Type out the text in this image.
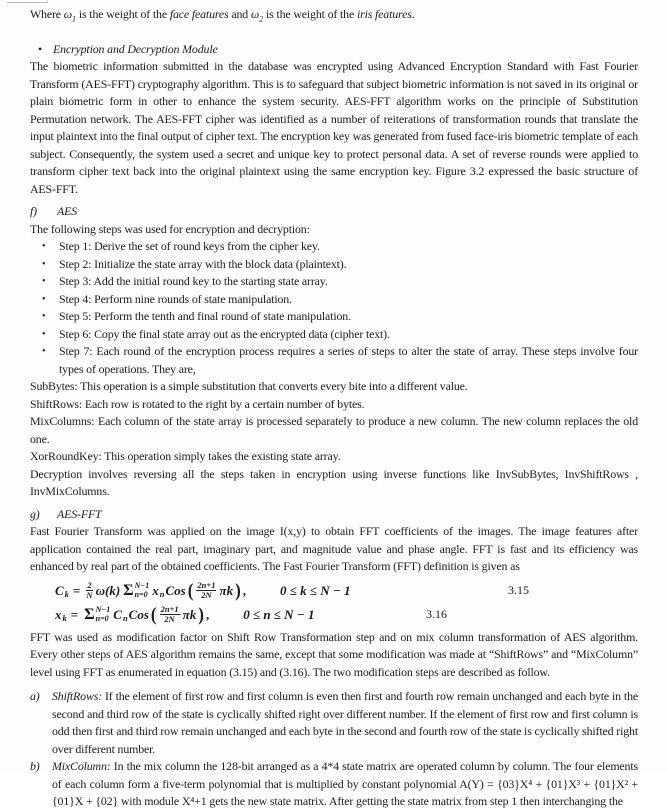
Where $\omega_1$ is the weight of the face features and $\omega_2$ is the weight of the iris features.

• Encryption and Decryption Module

The biometric information submitted in the database was encrypted using Advanced Encryption Standard with Fast Fourier Transform (AES-FFT) cryptography algorithm. This is to safeguard that subject biometric information is not saved in its original or plain biometric form in other to enhance the system security. AES-FFT algorithm works on the principle of Substitution Permutation network. The AES-FFT cipher was identified as a number of reiterations of transformation rounds that translate the input plaintext into the final output of cipher text. The encryption key was generated from fused face-iris biometric template of each subject. Consequently, the system used a secret and unique key to protect personal data. A set of reverse rounds were applied to transform cipher text back into the original plaintext using the same encryption key. Figure 3.2 expressed the basic structure of AES-FFT.

f)	AES

The following steps was used for encryption and decryption:

•	Step 1: Derive the set of round keys from the cipher key.
•	Step 2: Initialize the state array with the block data (plaintext).
•	Step 3: Add the initial round key to the starting state array.
•	Step 4: Perform nine rounds of state manipulation.
•	Step 5: Perform the tenth and final round of state manipulation.
•	Step 6: Copy the final state array out as the encrypted data (cipher text).
•	Step 7: Each round of the encryption process requires a series of steps to alter the state of array. These steps involve four types of operations. They are,

SubBytes: This operation is a simple substitution that converts every bite into a different value.

ShiftRows: Each row is rotated to the right by a certain number of bytes.

MixColumns: Each column of the state array is processed separately to produce a new column. The new column replaces the old one.

XorRoundKey: This operation simply takes the existing state array.

Decryption involves reversing all the steps taken in encryption using inverse functions like InvSubBytes, InvShiftRows , InvMixColumns.

g)	AES-FFT

Fast Fourier Transform was applied on the image I(x,y) to obtain FFT coefficients of the images. The image features after application contained the real part, imaginary part, and magnitude value and phase angle. FFT is fast and its efficiency was enhanced by real part of the obtained coefficients. The Fast Fourier Transform (FFT) definition is given as

C $k = \frac{2}{N} \omega(k)$ Σ N−1
n=0 x n Cos ( $\frac{2n+1}{2N}$ πk ) ,	0 ≤ k ≤ N − 1	3.15
x k = Σ N−1
n=0 C n Cos ( $\frac{2n+1}{2N}$ πk ) ,	0 ≤ n ≤ N − 1	3.16

FFT was used as modification factor on Shift Row Transformation step and on mix column transformation of AES algorithm. Every other steps of AES algorithm remains the same, except that some modification was made at “ShiftRows” and “MixColumn” level using FFT as enumerated in equation (3.15) and (3.16). The two modification steps are described as follow.

a)	ShiftRows: If the element of first row and first column is even then first and fourth row remain unchanged and each byte in the second and third row of the state is cyclically shifted right over different number. If the element of first row and first column is odd then first and third row remain unchanged and each byte in the second and fourth row of the state is cyclically shifted right over different number.

b)	MixColumn: In the mix column the 128-bit arranged as a 4*4 state matrix are operated column by column. The four elements of each column form a five-term polynomial that is multiplied by constant polynomial A(Y) = {03}X⁴ + {01}X³ + {01}X² + {01}X + {02} with module X⁴+1 gets the new state matrix. After getting the state matrix from step 1 then interchanging the
